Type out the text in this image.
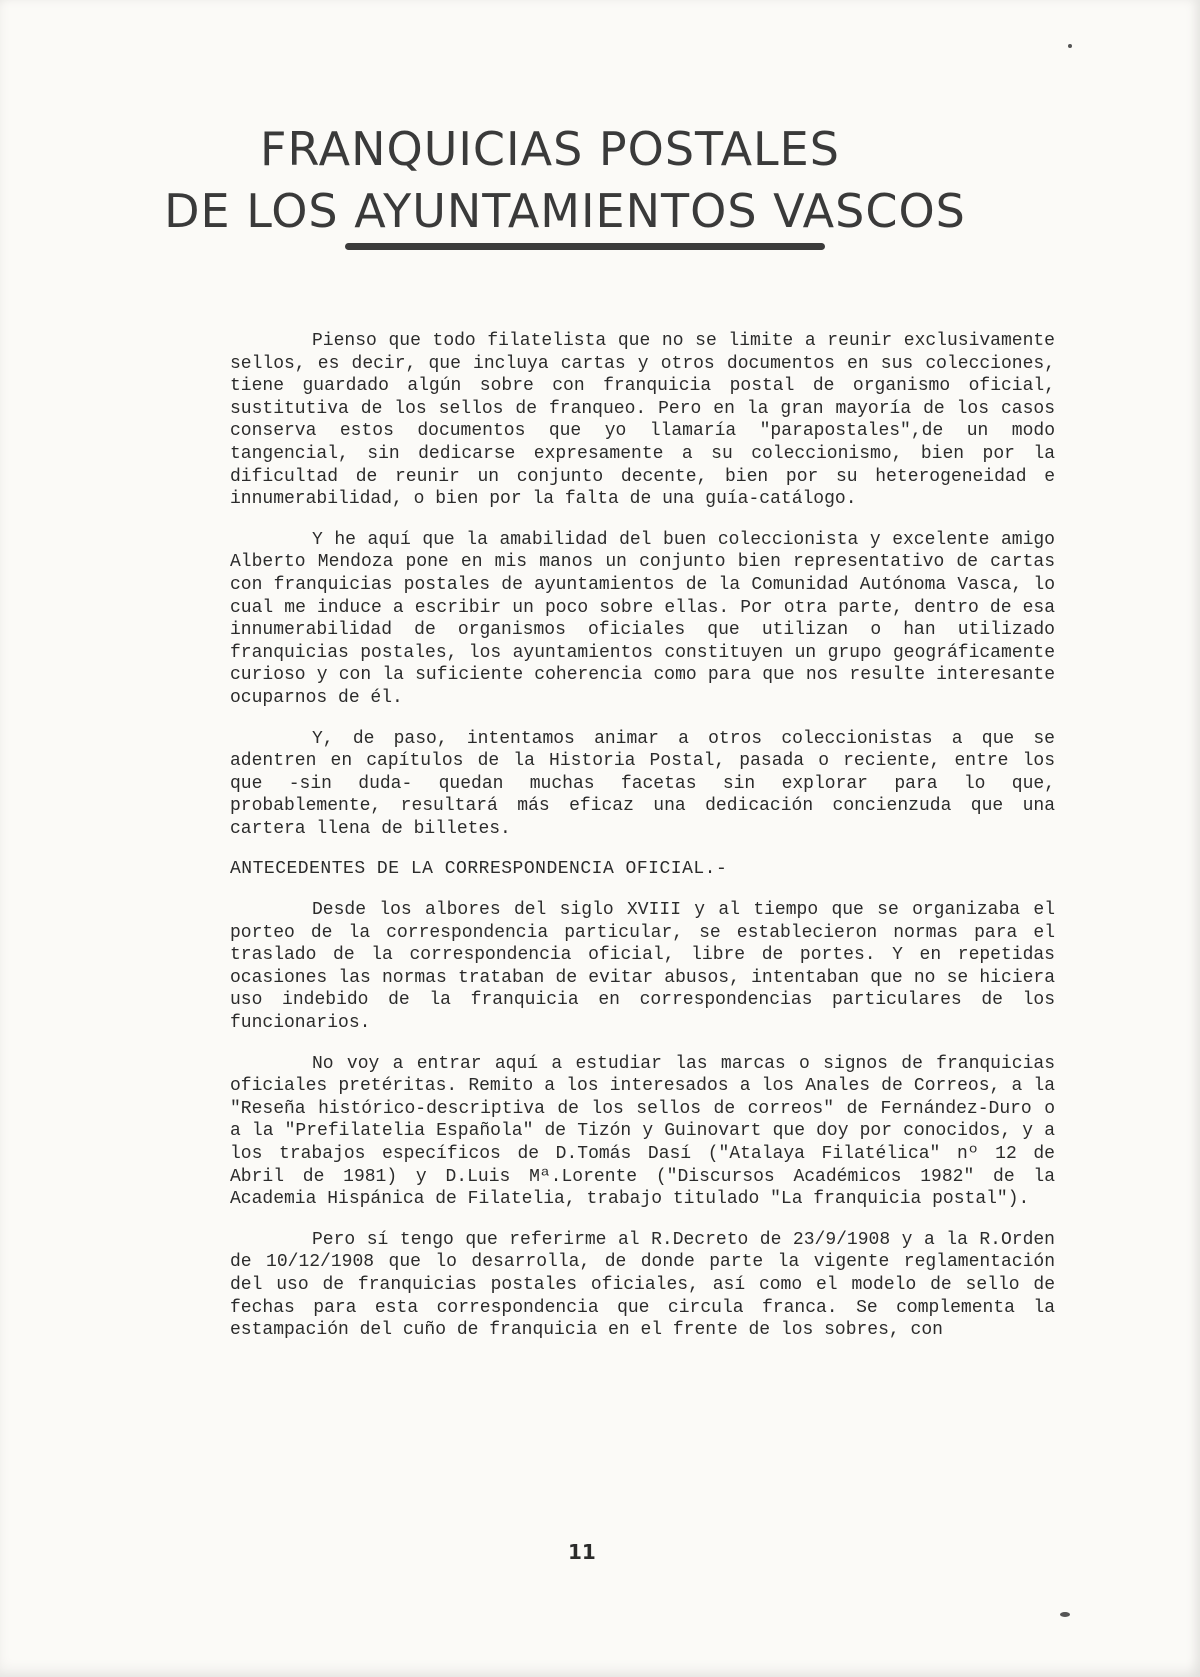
FRANQUICIAS POSTALES
DE LOS AYUNTAMIENTOS VASCOS

Pienso que todo filatelista que no se limite a reunir exclusivamente sellos, es decir, que incluya cartas y otros documentos en sus colecciones, tiene guardado algún sobre con franquicia postal de organismo oficial, sustitutiva de los sellos de franqueo. Pero en la gran mayoría de los casos conserva estos documentos que yo llamaría "parapostales",de un modo tangencial, sin dedicarse expresamente a su coleccionismo, bien por la dificultad de reunir un conjunto decente, bien por su heterogeneidad e innumerabilidad, o bien por la falta de una guía-catálogo.

Y he aquí que la amabilidad del buen coleccionista y excelente amigo Alberto Mendoza pone en mis manos un conjunto bien representativo de cartas con franquicias postales de ayuntamientos de la Comunidad Autónoma Vasca, lo cual me induce a escribir un poco sobre ellas. Por otra parte, dentro de esa innumerabilidad de organismos oficiales que utilizan o han utilizado franquicias postales, los ayuntamientos constituyen un grupo geográficamente curioso y con la suficiente coherencia como para que nos resulte interesante ocuparnos de él.

Y, de paso, intentamos animar a otros coleccionistas a que se adentren en capítulos de la Historia Postal, pasada o reciente, entre los que -sin duda- quedan muchas facetas sin explorar para lo que, probablemente, resultará más eficaz una dedicación concienzuda que una cartera llena de billetes.

ANTECEDENTES DE LA CORRESPONDENCIA OFICIAL.-

Desde los albores del siglo XVIII y al tiempo que se organizaba el porteo de la correspondencia particular, se establecieron normas para el traslado de la correspondencia oficial, libre de portes. Y en repetidas ocasiones las normas trataban de evitar abusos, intentaban que no se hiciera uso indebido de la franquicia en correspondencias particulares de los funcionarios.

No voy a entrar aquí a estudiar las marcas o signos de franquicias oficiales pretéritas. Remito a los interesados a los Anales de Correos, a la "Reseña histórico-descriptiva de los sellos de correos" de Fernández-Duro o a la "Prefilatelia Española" de Tizón y Guinovart que doy por conocidos, y a los trabajos específicos de D.Tomás Dasí ("Atalaya Filatélica" nº 12 de Abril de 1981) y D.Luis Mª.Lorente ("Discursos Académicos 1982" de la Academia Hispánica de Filatelia, trabajo titulado "La franquicia postal").

Pero sí tengo que referirme al R.Decreto de 23/9/1908 y a la R.Orden de 10/12/1908 que lo desarrolla, de donde parte la vigente reglamentación del uso de franquicias postales oficiales, así como el modelo de sello de fechas para esta correspondencia que circula franca. Se complementa la estampación del cuño de franquicia en el frente de los sobres, con

11
